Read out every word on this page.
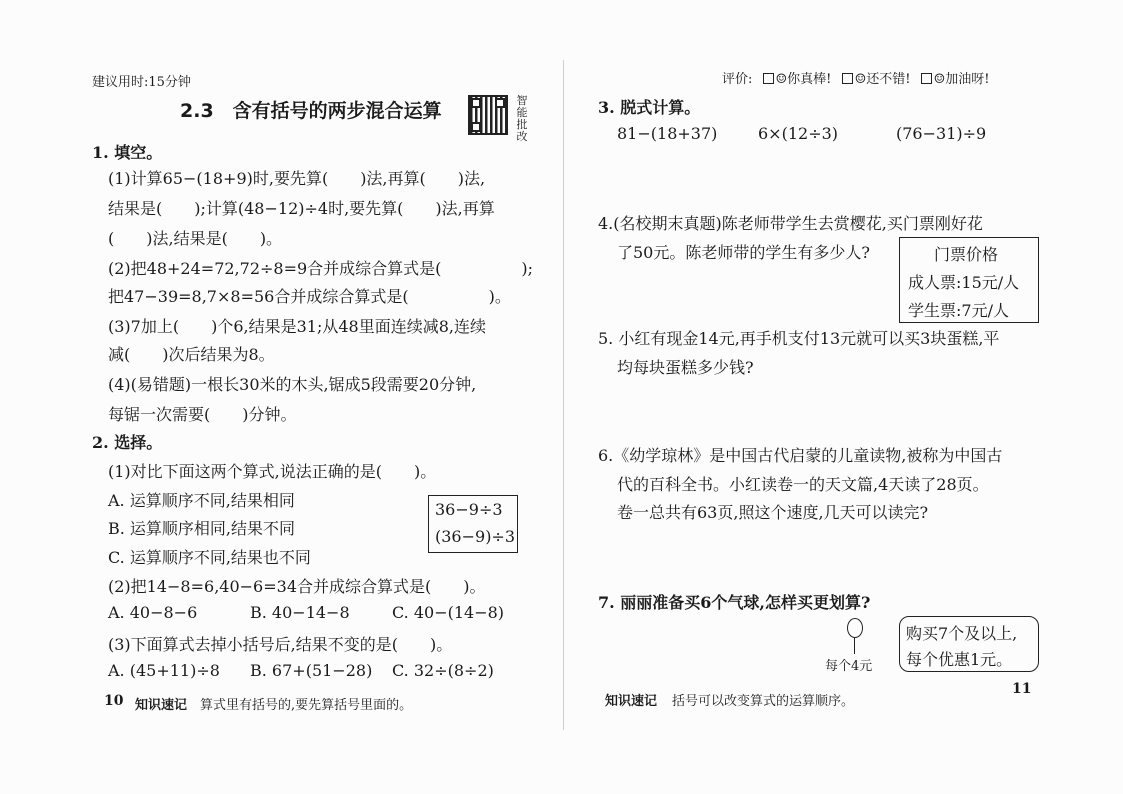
建议用时:15分钟
2.3　含有括号的两步混合运算	智
能
批
改
1. 填空。
(1)计算65−(18+9)时,要先算(　　)法,再算(　　)法,
结果是(　　);计算(48−12)÷4时,要先算(　　)法,再算
(　　)法,结果是(　　)。
(2)把48+24=72,72÷8=9合并成综合算式是(　　　　　);
把47−39=8,7×8=56合并成综合算式是(　　　　　)。
(3)7加上(　　)个6,结果是31;从48里面连续减8,连续
减(　　)次后结果为8。
(4)(易错题)一根长30米的木头,锯成5段需要20分钟,
每锯一次需要(　　)分钟。
2. 选择。
(1)对比下面这两个算式,说法正确的是(　　)。
A. 运算顺序不同,结果相同
B. 运算顺序相同,结果不同
C. 运算顺序不同,结果也不同
36−9÷3
(36−9)÷3
(2)把14−8=6,40−6=34合并成综合算式是(　　)。
A. 40−8−6	B. 40−14−8	C. 40−(14−8)
(3)下面算式去掉小括号后,结果不变的是(　　)。
A. (45+11)÷8 B. 67+(51−28) C. 32÷(8÷2)
10 知识速记 算式里有括号的,要先算括号里面的。
评价: ☺你真棒! ☺还不错! ☺加油呀!
3. 脱式计算。
81−(18+37)	6×(12÷3)	(76−31)÷9
4.(名校期末真题)陈老师带学生去赏樱花,买门票刚好花
了50元。陈老师带的学生有多少人?	门票价格
成人票:15元/人
学生票:7元/人
5. 小红有现金14元,再手机支付13元就可以买3块蛋糕,平
均每块蛋糕多少钱?
6.《幼学琼林》是中国古代启蒙的儿童读物,被称为中国古
代的百科全书。小红读卷一的天文篇,4天读了28页。
卷一总共有63页,照这个速度,几天可以读完?
7. 丽丽准备买6个气球,怎样买更划算?
每个4元
购买7个及以上,
每个优惠1元。
知识速记 括号可以改变算式的运算顺序。
11
